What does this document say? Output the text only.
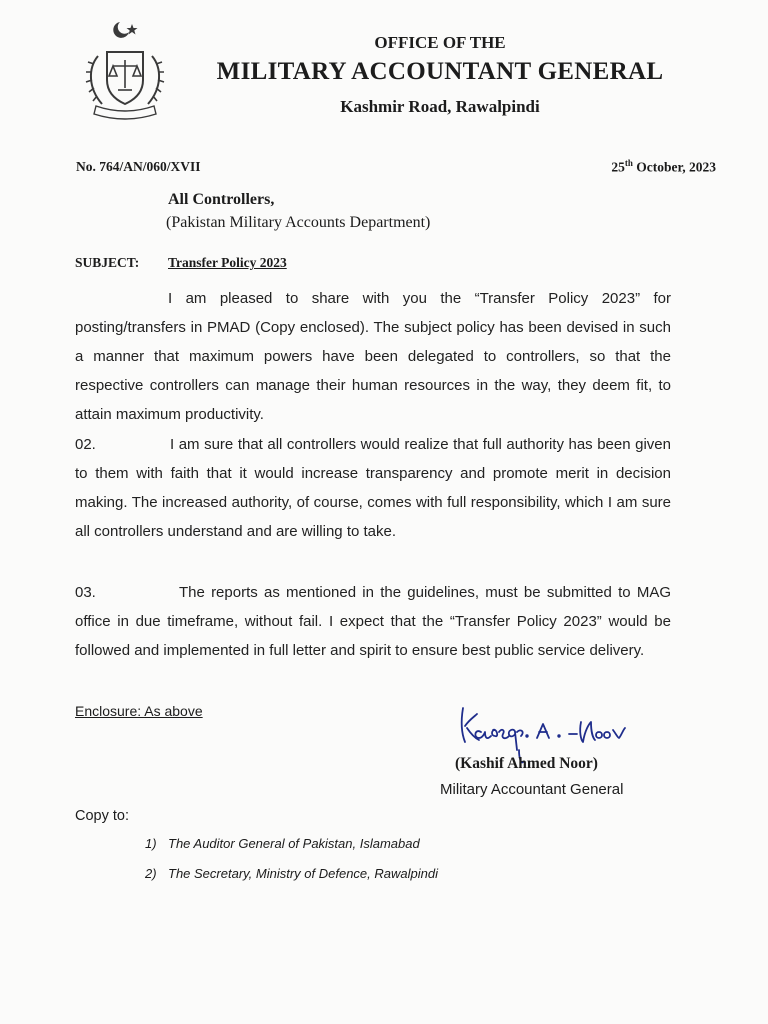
OFFICE OF THE
MILITARY ACCOUNTANT GENERAL
Kashmir Road, Rawalpindi
No. 764/AN/060/XVII	25th October, 2023
All Controllers,
(Pakistan Military Accounts Department)
SUBJECT: Transfer Policy 2023
I am pleased to share with you the “Transfer Policy 2023” for posting/transfers in PMAD (Copy enclosed). The subject policy has been devised in such a manner that maximum powers have been delegated to controllers, so that the respective controllers can manage their human resources in the way, they deem fit, to attain maximum productivity.
02.	I am sure that all controllers would realize that full authority has been given to them with faith that it would increase transparency and promote merit in decision making. The increased authority, of course, comes with full responsibility, which I am sure all controllers understand and are willing to take.
03.	The reports as mentioned in the guidelines, must be submitted to MAG office in due timeframe, without fail. I expect that the “Transfer Policy 2023” would be followed and implemented in full letter and spirit to ensure best public service delivery.
Enclosure: As above
(Kashif Ahmed Noor)
Military Accountant General
Copy to:
1) The Auditor General of Pakistan, Islamabad
2) The Secretary, Ministry of Defence, Rawalpindi
